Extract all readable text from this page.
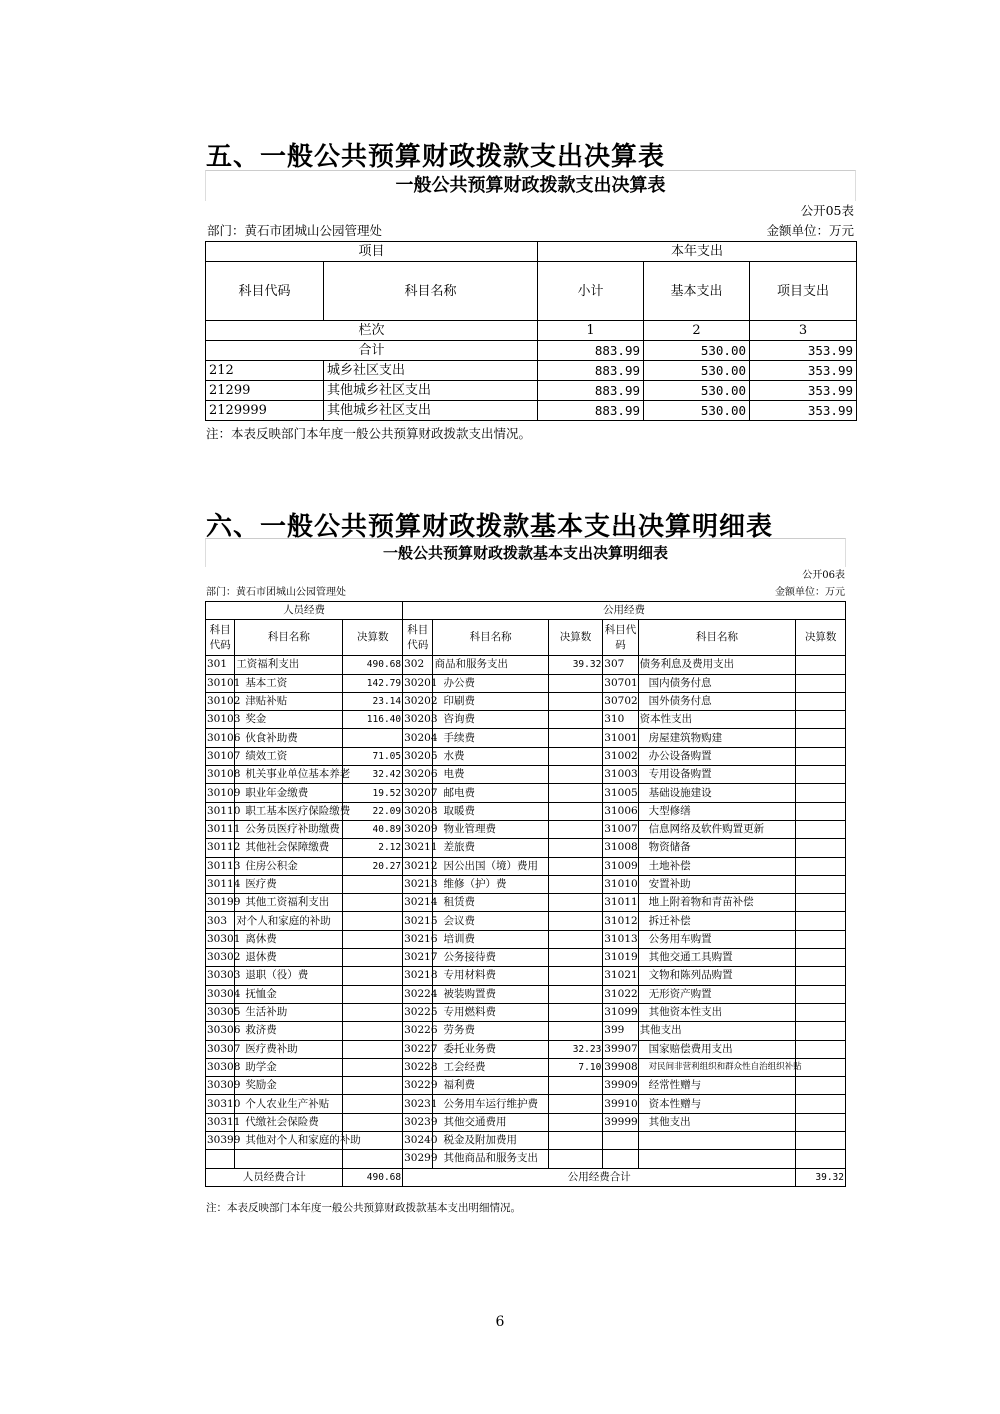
五、一般公共预算财政拨款支出决算表
一般公共预算财政拨款支出决算表
公开05表
部门：黄石市团城山公园管理处	金额单位：万元
项目		本年支出		
科目代码	科目名称	小计	基本支出	项目支出
栏次		1	2	3
合计		883.99	530.00	353.99
212	城乡社区支出	883.99	530.00	353.99
21299	其他城乡社区支出	883.99	530.00	353.99
2129999	其他城乡社区支出	883.99	530.00	353.99
注：本表反映部门本年度一般公共预算财政拨款支出情况。
六、一般公共预算财政拨款基本支出决算明细表
一般公共预算财政拨款基本支出决算明细表
公开06表
部门：黄石市团城山公园管理处	金额单位：万元
人员经费			公用经费					
科目代码	科目名称	决算数	科目代码	科目名称	决算数	科目代码	科目名称	决算数
301	工资福利支出	490.68	302	商品和服务支出	39.32	307	债务利息及费用支出	
30101	基本工资	142.79	30201	办公费		30701	国内债务付息	
30102	津贴补贴	23.14	30202	印刷费		30702	国外债务付息	
30103	奖金	116.40	30203	咨询费		310	资本性支出	
30106	伙食补助费		30204	手续费		31001	房屋建筑物购建	
30107	绩效工资	71.05	30205	水费		31002	办公设备购置	
30108	机关事业单位基本养老	32.42	30206	电费		31003	专用设备购置	
30109	职业年金缴费	19.52	30207	邮电费		31005	基础设施建设	
30110	职工基本医疗保险缴费	22.09	30208	取暖费		31006	大型修缮	
30111	公务员医疗补助缴费	40.89	30209	物业管理费		31007	信息网络及软件购置更新	
30112	其他社会保障缴费	2.12	30211	差旅费		31008	物资储备	
30113	住房公积金	20.27	30212	因公出国（境）费用		31009	土地补偿	
30114	医疗费		30213	维修（护）费		31010	安置补助	
30199	其他工资福利支出		30214	租赁费		31011	地上附着物和青苗补偿	
303	对个人和家庭的补助		30215	会议费		31012	拆迁补偿	
30301	离休费		30216	培训费		31013	公务用车购置	
30302	退休费		30217	公务接待费		31019	其他交通工具购置	
30303	退职（役）费		30218	专用材料费		31021	文物和陈列品购置	
30304	抚恤金		30224	被装购置费		31022	无形资产购置	
30305	生活补助		30225	专用燃料费		31099	其他资本性支出	
30306	救济费		30226	劳务费		399	其他支出	
30307	医疗费补助		30227	委托业务费	32.23	39907	国家赔偿费用支出	
30308	助学金		30228	工会经费	7.10	39908	对民间非营利组织和群众性自治组织补贴	
30309	奖励金		30229	福利费		39909	经常性赠与	
30310	个人农业生产补贴		30231	公务用车运行维护费		39910	资本性赠与	
30311	代缴社会保险费		30239	其他交通费用		39999	其他支出	
30399	其他对个人和家庭的补助		30240	税金及附加费用				
			30299	其他商品和服务支出				
人员经费合计		490.68	公用经费合计					39.32
注：本表反映部门本年度一般公共预算财政拨款基本支出明细情况。
6
